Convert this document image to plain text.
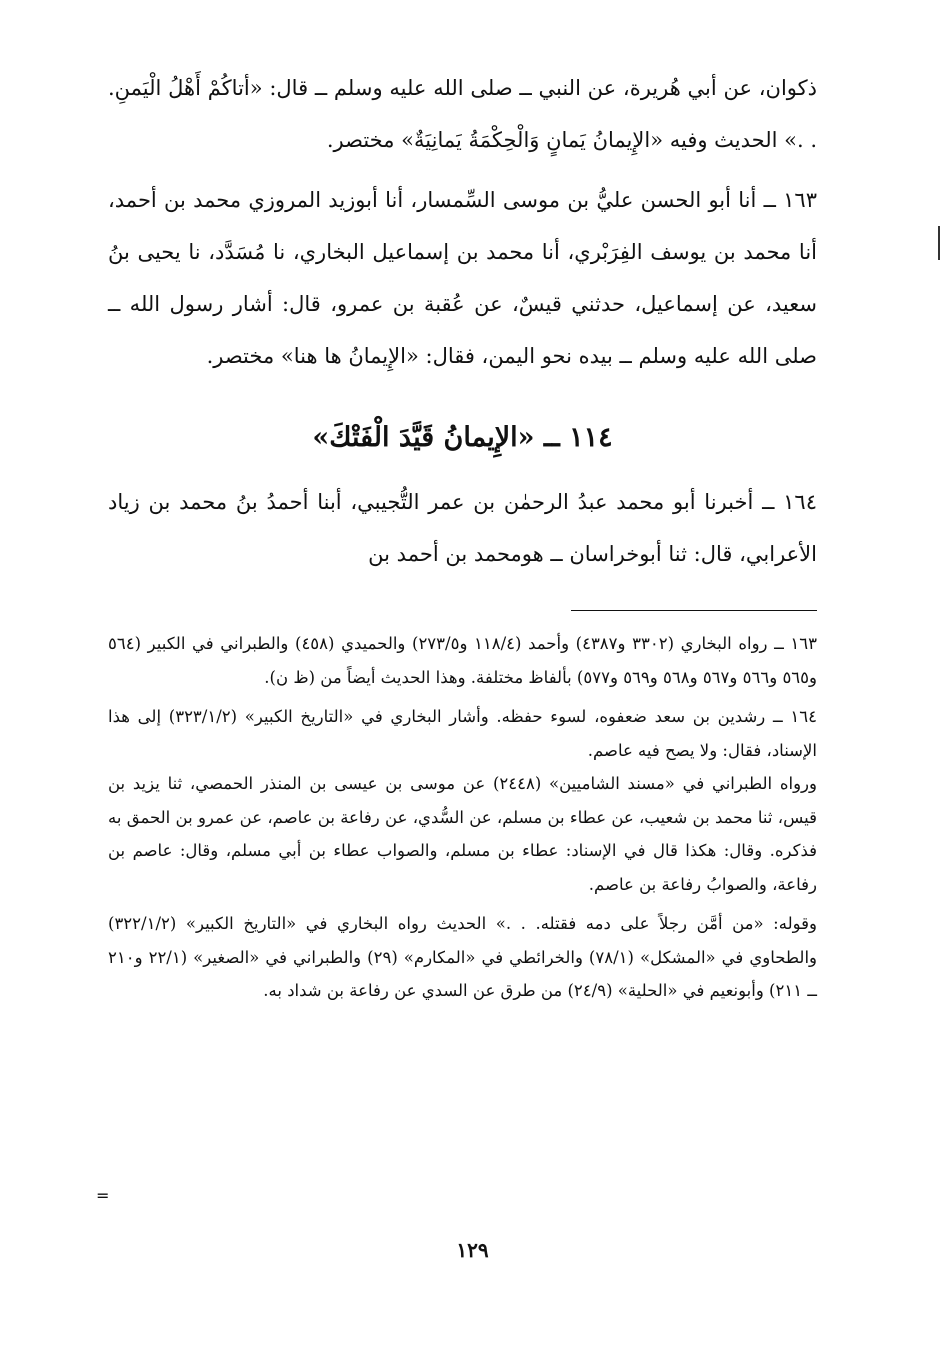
ذكوان، عن أبي هُريرة، عن النبي ــ صلى الله عليه وسلم ــ قال: «أتاكُمْ أَهْلُ الْيَمنِ. . .» الحديث وفيه «الإِيمانُ يَمانٍ وَالْحِكْمَةُ يَمانِيَةٌ» مختصر.

١٦٣ ــ أنا أبو الحسن عليُّ بن موسى السِّمسار، أنا أبوزيد المروزي محمد بن أحمد، أنا محمد بن يوسف الفِرَبْري، أنا محمد بن إسماعيل البخاري، نا مُسَدَّد، نا يحيى بنُ سعيد، عن إسماعيل، حدثني قيسٌ، عن عُقبة بن عمرو، قال: أشار رسول الله ــ صلى الله عليه وسلم ــ بيده نحو اليمن، فقال: «الإِيمانُ ها هنا» مختصر.

١١٤ ــ «الإِيمانُ قَيَّدَ الْفَتْكَ»

١٦٤ ــ أخبرنا أبو محمد عبدُ الرحمٰن بن عمر التُّجيبي، أبنا أحمدُ بنُ محمد بن زياد الأعرابي، قال: ثنا أبوخراسان ــ هومحمد بن أحمد بن

١٦٣ ــ رواه البخاري (٣٣٠٢ و٤٣٨٧) وأحمد (١١٨/٤ و٢٧٣/٥) والحميدي (٤٥٨) والطبراني في الكبير (٥٦٤ و٥٦٥ و٥٦٦ و٥٦٧ و٥٦٨ و٥٦٩ و٥٧٧) بألفاظ مختلفة. وهذا الحديث أيضاً من (ظ ن).

١٦٤ ــ رشدين بن سعد ضعفوه، لسوء حفظه. وأشار البخاري في «التاريخ الكبير» (٣٢٣/١/٢) إلى هذا الإسناد، فقال: ولا يصح فيه عاصم.

ورواه الطبراني في «مسند الشاميين» (٢٤٤٨) عن موسى بن عيسى بن المنذر الحمصي، ثنا يزيد بن قيس، ثنا محمد بن شعيب، عن عطاء بن مسلم، عن السُّدي، عن رفاعة بن عاصم، عن عمرو بن الحمق به فذكره. وقال: هكذا قال في الإسناد: عطاء بن مسلم، والصواب عطاء بن أبي مسلم، وقال: عاصم بن رفاعة، والصوابُ رفاعة بن عاصم.

وقوله: «من أمَّن رجلاً على دمه فقتله. . .» الحديث رواه البخاري في «التاريخ الكبير» (٣٢٢/١/٢) والطحاوي في «المشكل» (٧٨/١) والخرائطي في «المكارم» (٢٩) والطبراني في «الصغير» (٢٢/١ و٢١٠ ــ ٢١١) وأبونعيم في «الحلية» (٢٤/٩) من طرق عن السدي عن رفاعة بن شداد به.

=
١٢٩
